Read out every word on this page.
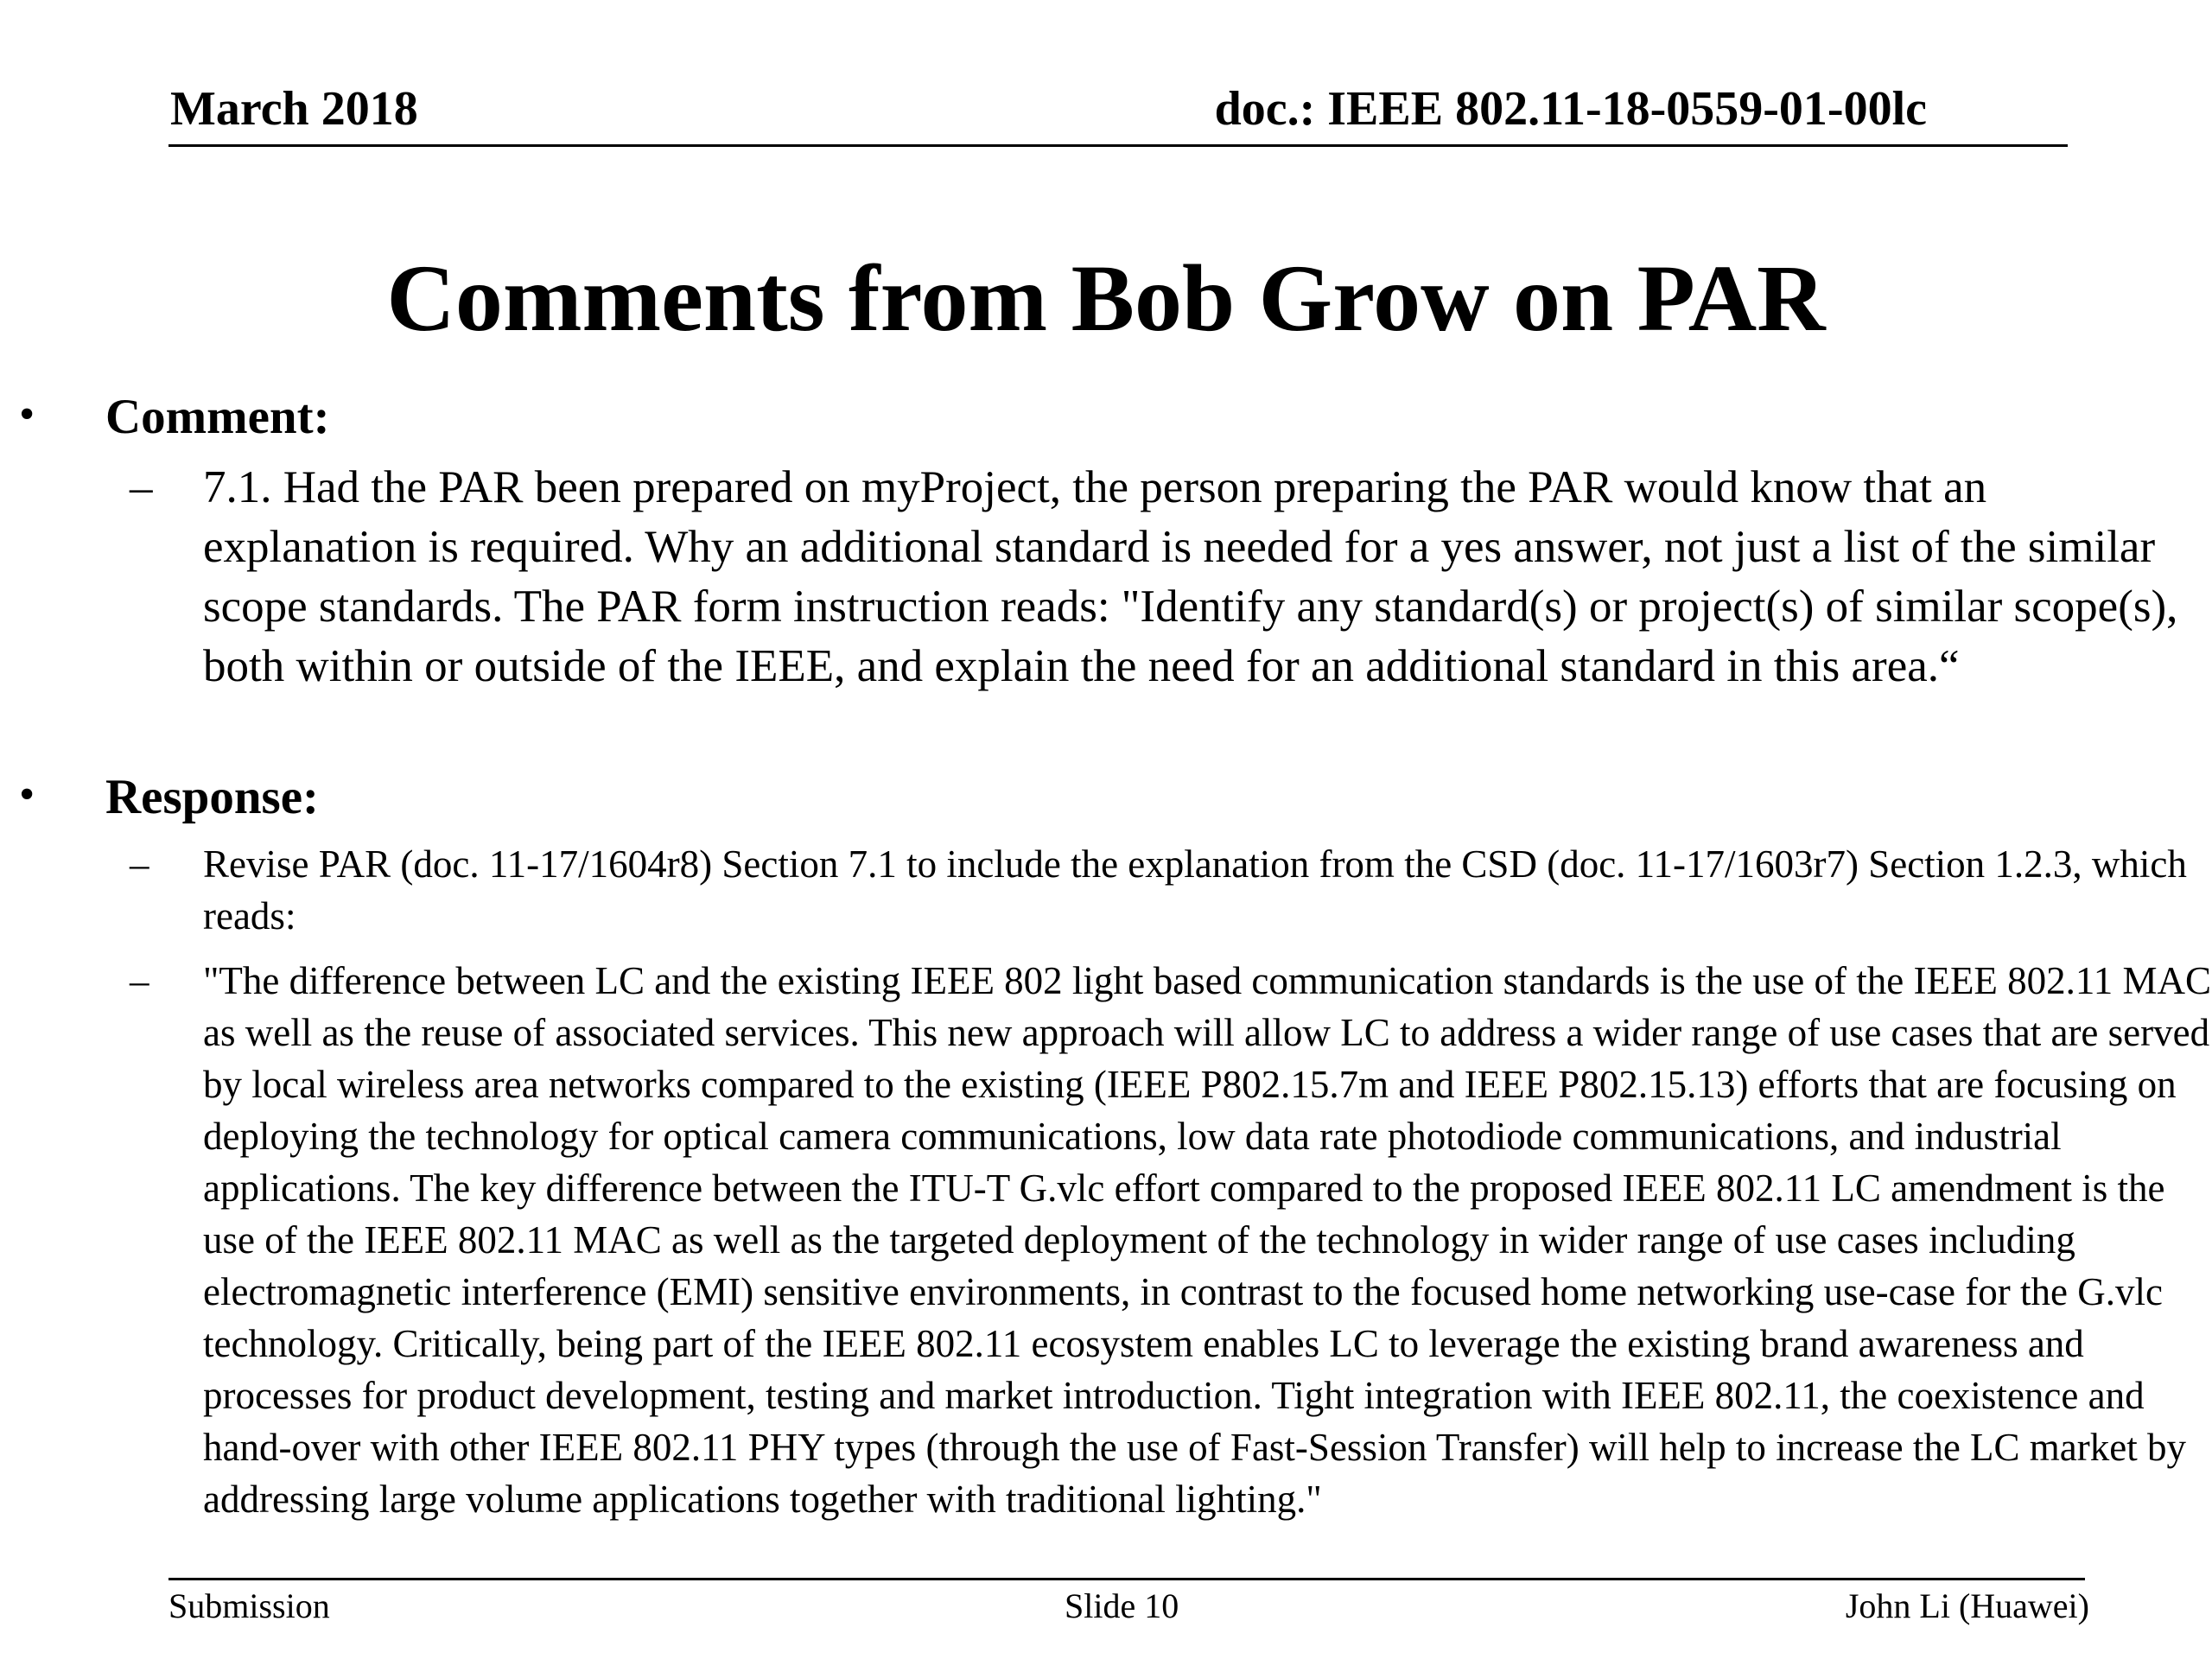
March 2018	doc.: IEEE 802.11-18-0559-01-00lc
Comments from Bob Grow on PAR
• Comment:
– 7.1. Had the PAR been prepared on myProject, the person preparing the PAR would know that an explanation is required. Why an additional standard is needed for a yes answer, not just a list of the similar scope standards. The PAR form instruction reads: "Identify any standard(s) or project(s) of similar scope(s), both within or outside of the IEEE, and explain the need for an additional standard in this area.“
• Response:
– Revise PAR (doc. 11-17/1604r8) Section 7.1 to include the explanation from the CSD (doc. 11-17/1603r7) Section 1.2.3, which reads:
– "The difference between LC and the existing IEEE 802 light based communication standards is the use of the IEEE 802.11 MAC as well as the reuse of associated services. This new approach will allow LC to address a wider range of use cases that are served by local wireless area networks compared to the existing (IEEE P802.15.7m and IEEE P802.15.13) efforts that are focusing on deploying the technology for optical camera communications, low data rate photodiode communications, and industrial applications. The key difference between the ITU-T G.vlc effort compared to the proposed IEEE 802.11 LC amendment is the use of the IEEE 802.11 MAC as well as the targeted deployment of the technology in wider range of use cases including electromagnetic interference (EMI) sensitive environments, in contrast to the focused home networking use-case for the G.vlc technology. Critically, being part of the IEEE 802.11 ecosystem enables LC to leverage the existing brand awareness and processes for product development, testing and market introduction. Tight integration with IEEE 802.11, the coexistence and hand-over with other IEEE 802.11 PHY types (through the use of Fast-Session Transfer) will help to increase the LC market by addressing large volume applications together with traditional lighting."
Submission	Slide 10	John Li (Huawei)
